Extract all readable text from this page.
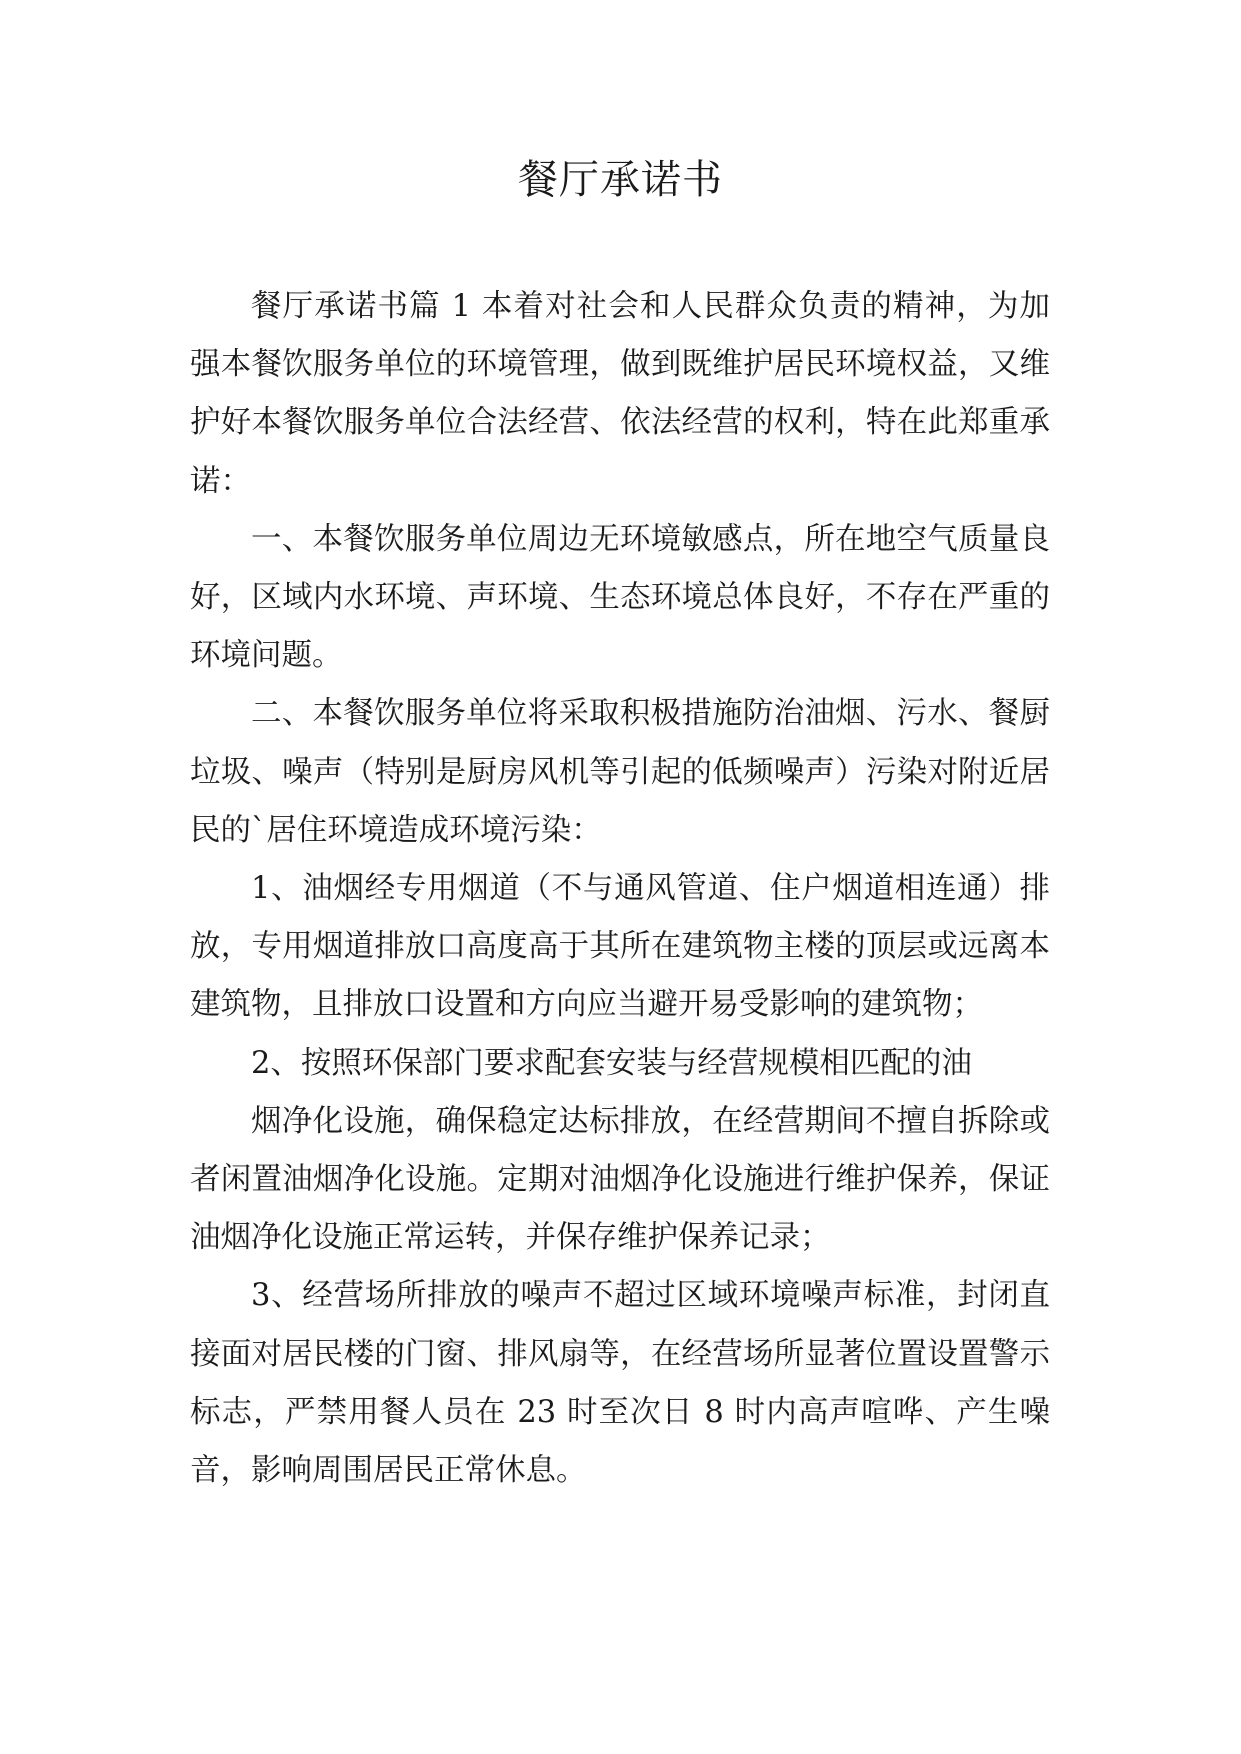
餐厅承诺书

餐厅承诺书篇 1 本着对社会和人民群众负责的精神，为加强本餐饮服务单位的环境管理，做到既维护居民环境权益，又维护好本餐饮服务单位合法经营、依法经营的权利，特在此郑重承诺：

一、本餐饮服务单位周边无环境敏感点，所在地空气质量良好，区域内水环境、声环境、生态环境总体良好，不存在严重的环境问题。

二、本餐饮服务单位将采取积极措施防治油烟、污水、餐厨垃圾、噪声（特别是厨房风机等引起的低频噪声）污染对附近居民的`居住环境造成环境污染：

1、油烟经专用烟道（不与通风管道、住户烟道相连通）排放，专用烟道排放口高度高于其所在建筑物主楼的顶层或远离本建筑物，且排放口设置和方向应当避开易受影响的建筑物；

2、按照环保部门要求配套安装与经营规模相匹配的油

烟净化设施，确保稳定达标排放，在经营期间不擅自拆除或者闲置油烟净化设施。定期对油烟净化设施进行维护保养，保证油烟净化设施正常运转，并保存维护保养记录；

3、经营场所排放的噪声不超过区域环境噪声标准，封闭直接面对居民楼的门窗、排风扇等，在经营场所显著位置设置警示标志，严禁用餐人员在 23 时至次日 8 时内高声喧哗、产生噪音，影响周围居民正常休息。
